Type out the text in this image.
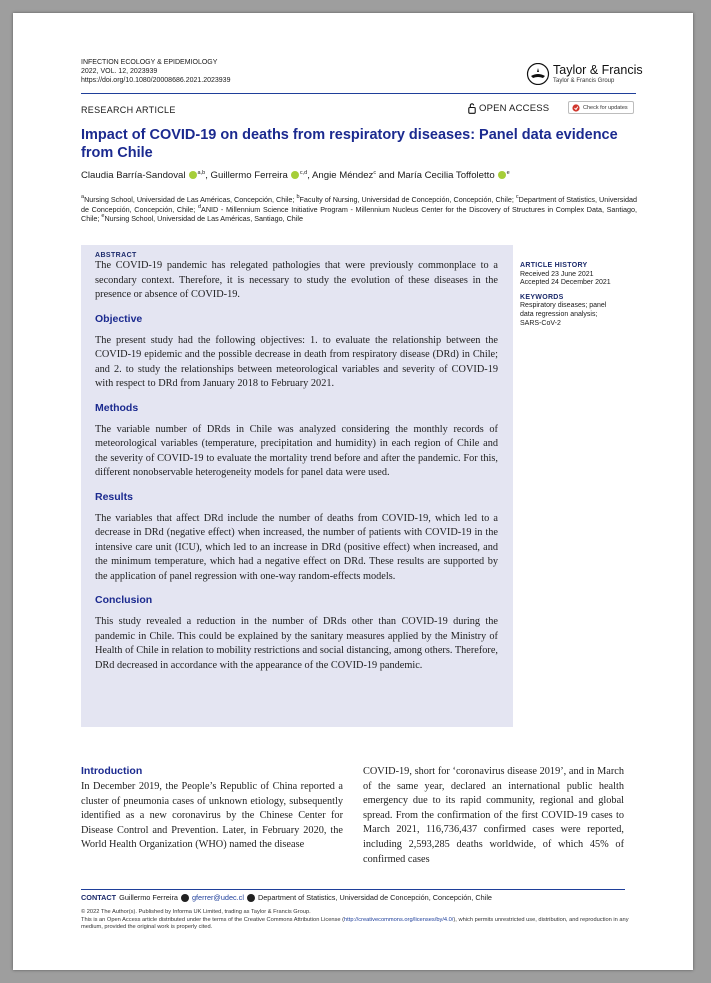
INFECTION ECOLOGY & EPIDEMIOLOGY
2022, VOL. 12, 2023939
https://doi.org/10.1080/20008686.2021.2023939
Taylor & Francis
Taylor & Francis Group
RESEARCH ARTICLE	OPEN ACCESS	Check for updates
Impact of COVID-19 on deaths from respiratory diseases: Panel data evidence from Chile
Claudia Barría-Sandoval $^{a,b}$, Guillermo Ferreira $^{c,d}$, Angie Méndez$^c$ and María Cecilia Toffoletto $^e$
$^a$Nursing School, Universidad de Las Américas, Concepción, Chile; $^b$Faculty of Nursing, Universidad de Concepción, Concepción, Chile; $^c$Department of Statistics, Universidad de Concepción, Concepción, Chile; $^d$ANID - Millennium Science Initiative Program - Millennium Nucleus Center for the Discovery of Structures in Complex Data, Santiago, Chile; $^e$Nursing School, Universidad de Las Américas, Santiago, Chile
ABSTRACT
The COVID-19 pandemic has relegated pathologies that were previously commonplace to a secondary context. Therefore, it is necessary to study the evolution of these diseases in the presence or absence of COVID-19.
Objective
The present study had the following objectives: 1. to evaluate the relationship between the COVID-19 epidemic and the possible decrease in death from respiratory disease (DRd) in Chile; and 2. to study the relationships between meteorological variables and severity of COVID-19 with respect to DRd from January 2018 to February 2021.
Methods
The variable number of DRds in Chile was analyzed considering the monthly records of meteorological variables (temperature, precipitation and humidity) in each region of Chile and the severity of COVID-19 to evaluate the mortality trend before and after the pandemic. For this, different nonobservable heterogeneity models for panel data were used.
Results
The variables that affect DRd include the number of deaths from COVID-19, which led to a decrease in DRd (negative effect) when increased, the number of patients with COVID-19 in the intensive care unit (ICU), which led to an increase in DRd (positive effect) when increased, and the minimum temperature, which had a negative effect on DRd. These results are supported by the application of panel regression with one-way random-effects models.
Conclusion
This study revealed a reduction in the number of DRds other than COVID-19 during the pandemic in Chile. This could be explained by the sanitary measures applied by the Ministry of Health of Chile in relation to mobility restrictions and social distancing, among others. Therefore, DRd decreased in accordance with the appearance of the COVID-19 pandemic.
ARTICLE HISTORY
Received 23 June 2021
Accepted 24 December 2021
KEYWORDS
Respiratory diseases; panel
data regression analysis;
SARS-CoV-2
Introduction
In December 2019, the People’s Republic of China reported a cluster of pneumonia cases of unknown etiology, subsequently identified as a new coronavirus by the Chinese Center for Disease Control and Prevention. Later, in February 2020, the World Health Organization (WHO) named the disease
COVID-19, short for ‘coronavirus disease 2019’, and in March of the same year, declared an international public health emergency due to its rapid community, regional and global spread. From the confirmation of the first COVID-19 cases to March 2021, 116,736,437 confirmed cases were reported, including 2,593,285 deaths worldwide, of which 45% of confirmed cases
CONTACT Guillermo Ferreira gferrer@udec.cl Department of Statistics, Universidad de Concepción, Concepción, Chile
© 2022 The Author(s). Published by Informa UK Limited, trading as Taylor & Francis Group.
This is an Open Access article distributed under the terms of the Creative Commons Attribution License (http://creativecommons.org/licenses/by/4.0/), which permits unrestricted use, distribution, and reproduction in any medium, provided the original work is properly cited.
